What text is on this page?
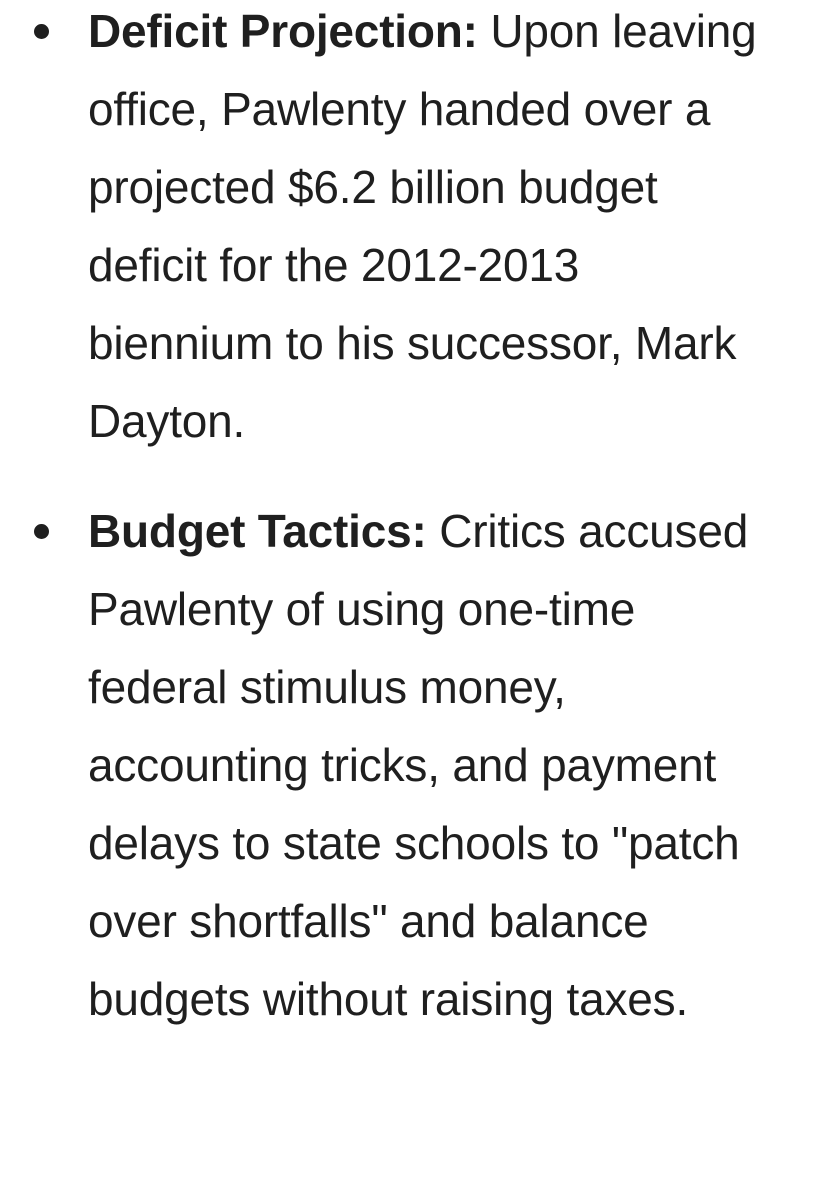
Deficit Projection: Upon leaving office, Pawlenty handed over a projected $6.2 billion budget deficit for the 2012-2013 biennium to his successor, Mark Dayton.
Budget Tactics: Critics accused Pawlenty of using one-time federal stimulus money, accounting tricks, and payment delays to state schools to "patch over shortfalls" and balance budgets without raising taxes.
